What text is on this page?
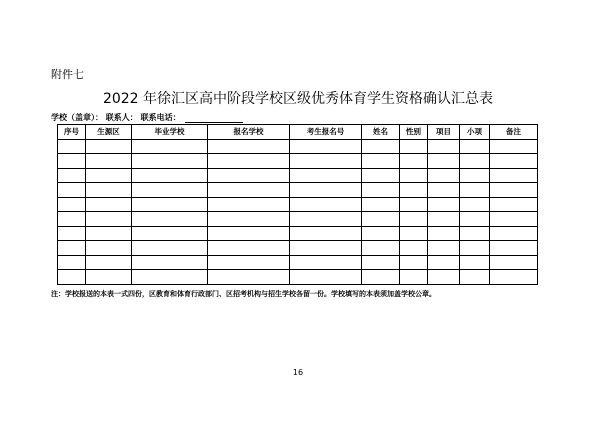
附件七
2022 年徐汇区高中阶段学校区级优秀体育学生资格确认汇总表
学校（盖章）： 联系人： 联系电话：
序号	生源区	毕业学校	报名学校	考生报名号	姓名	性别	项目	小项	备注

注：学校报送的本表一式四份，区教育和体育行政部门、区招考机构与招生学校各留一份。学校填写的本表须加盖学校公章。
16
